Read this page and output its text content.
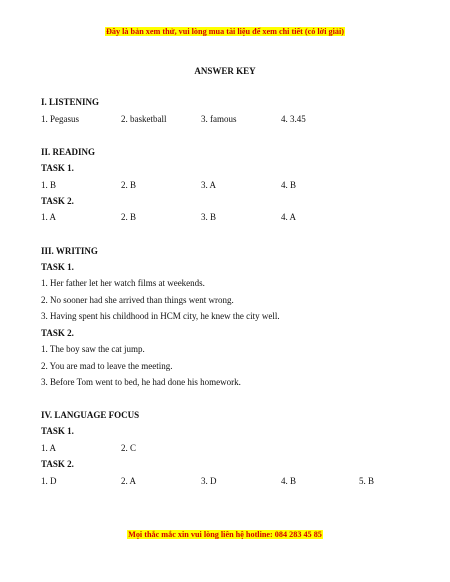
Đây là bản xem thử, vui lòng mua tài liệu để xem chi tiết (có lời giải)
ANSWER KEY
I. LISTENING
1. Pegasus	2. basketball	3. famous	4. 3.45
II. READING
TASK 1.
1. B	2. B	3. A	4. B
TASK 2.
1. A	2. B	3. B	4. A
III. WRITING
TASK 1.
1. Her father let her watch films at weekends.
2. No sooner had she arrived than things went wrong.
3. Having spent his childhood in HCM city, he knew the city well.
TASK 2.
1. The boy saw the cat jump.
2. You are mad to leave the meeting.
3. Before Tom went to bed, he had done his homework.
IV. LANGUAGE FOCUS
TASK 1.
1. A	2. C
TASK 2.
1. D	2. A	3. D	4. B	5. B
Mọi thắc mắc xin vui lòng liên hệ hotline: 084 283 45 85
